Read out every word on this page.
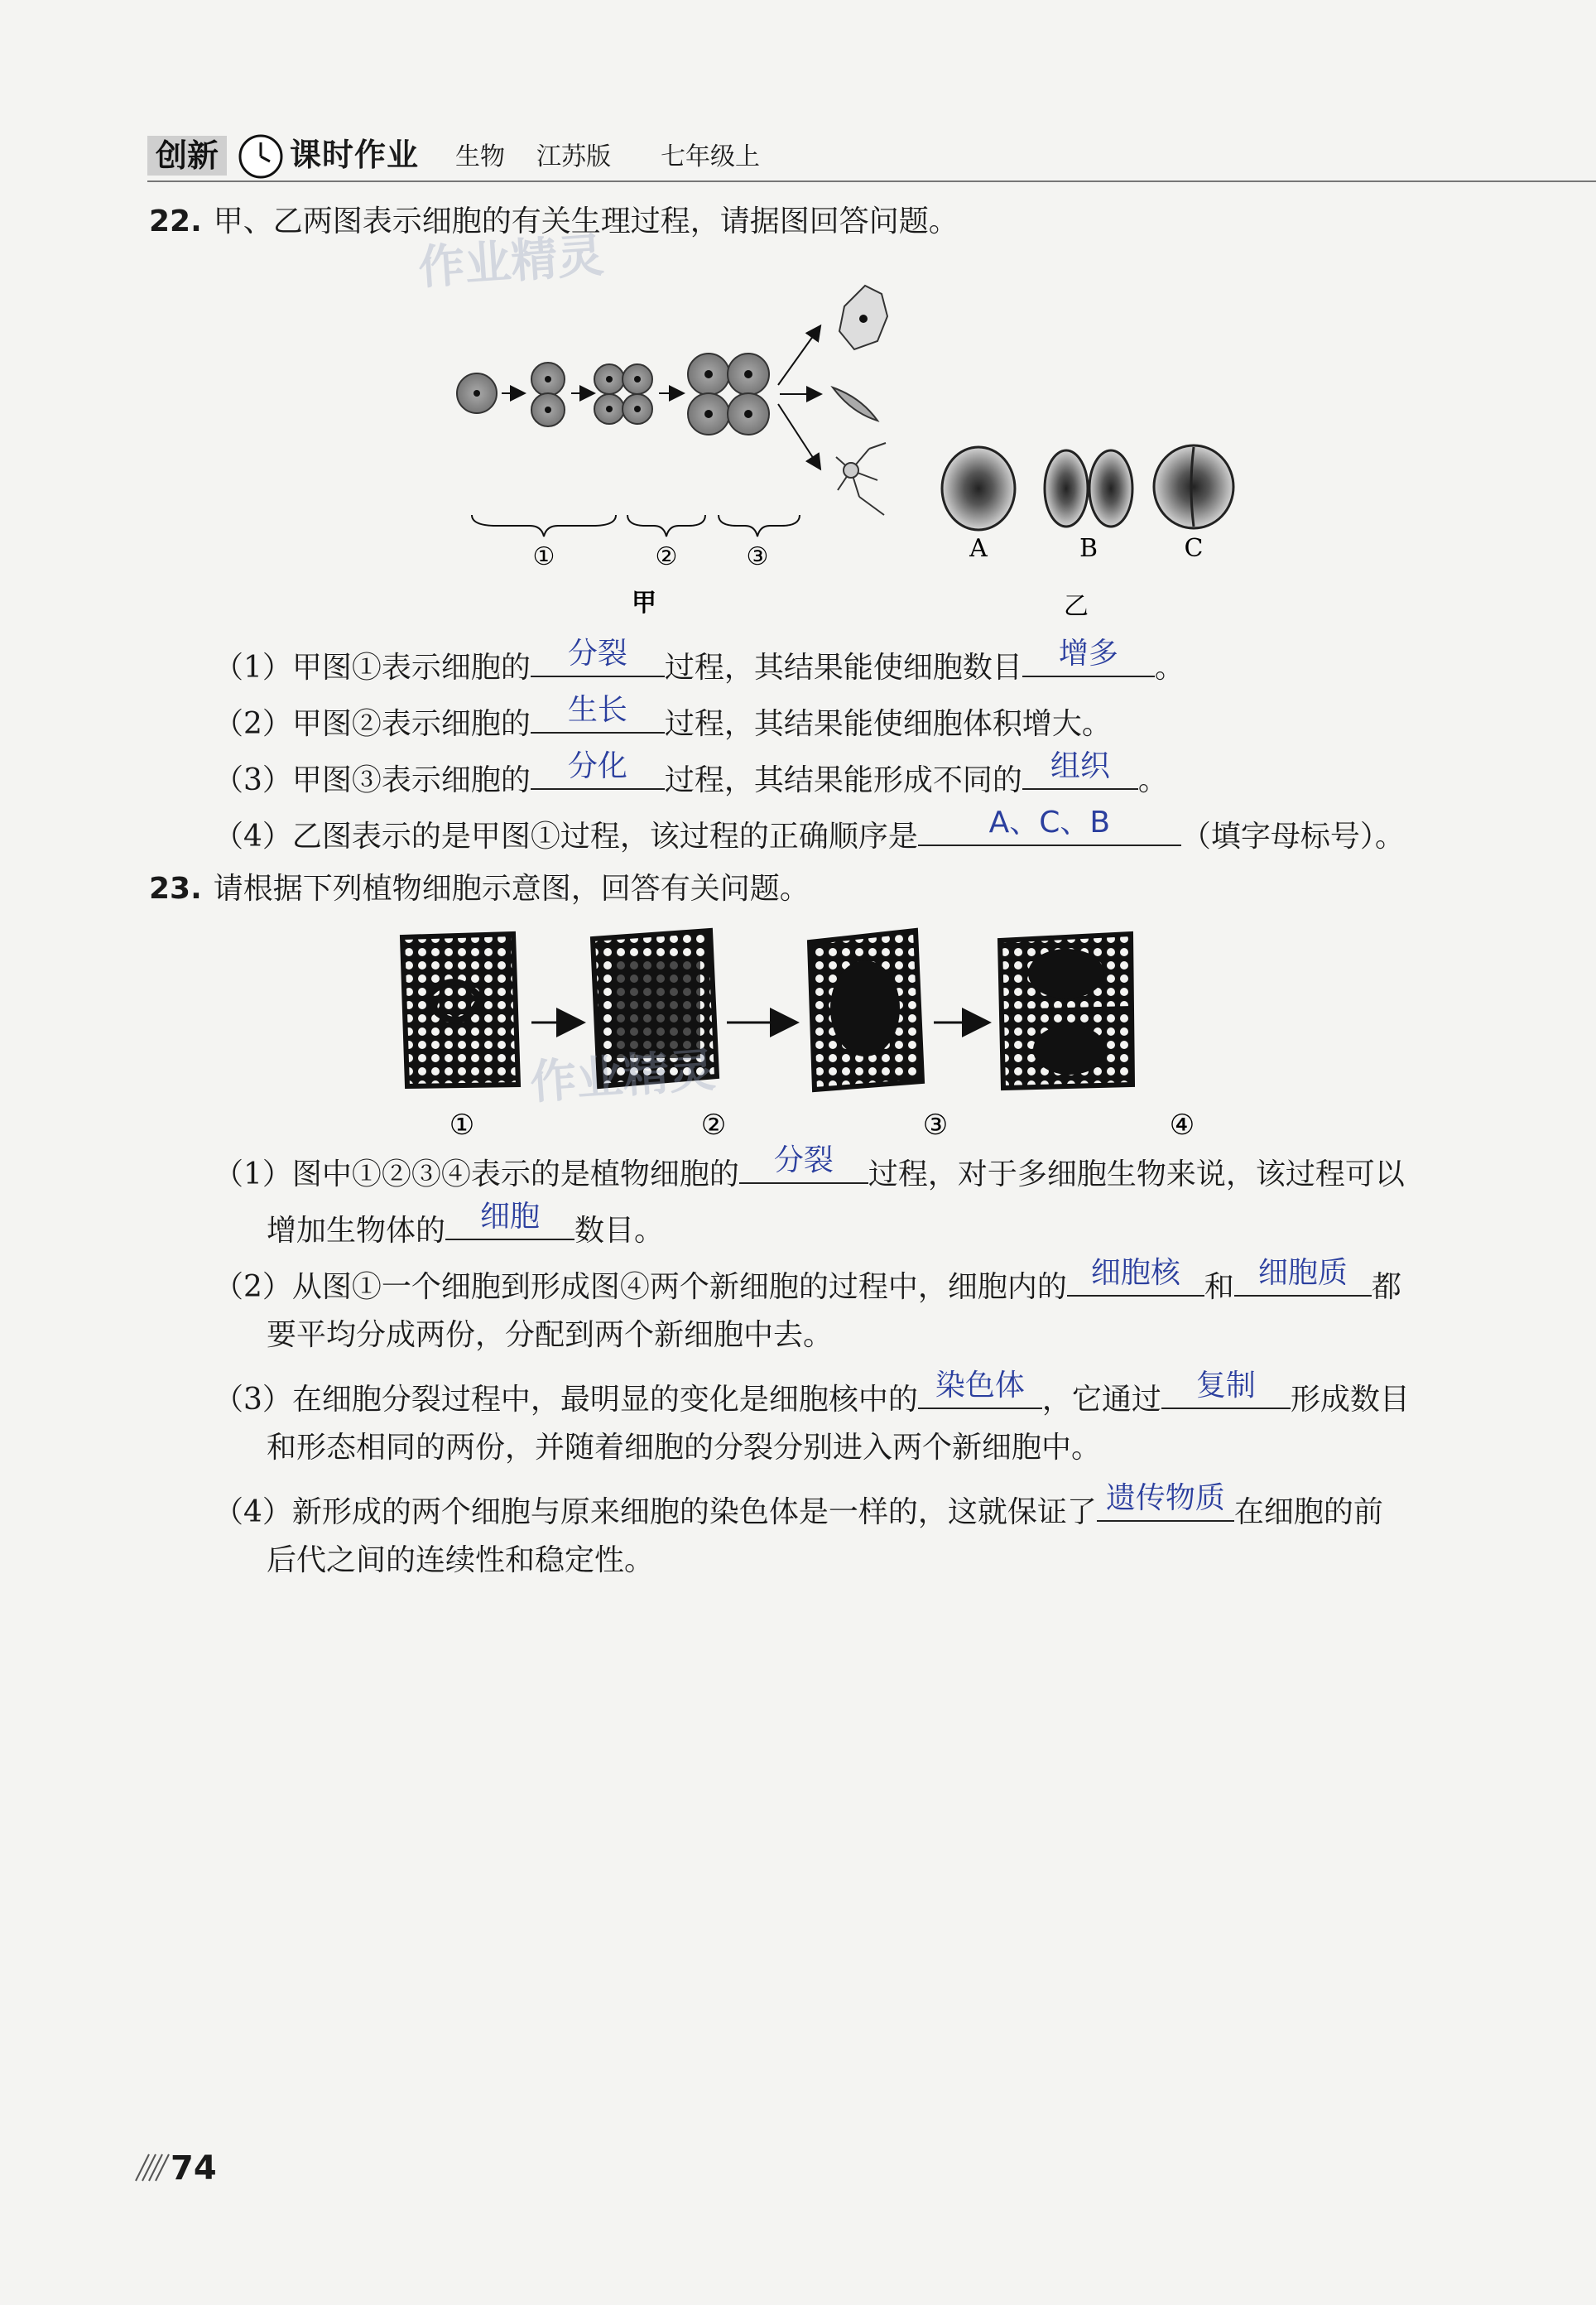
创新 课时作业 生物 江苏版 七年级上
22. 甲、乙两图表示细胞的有关生理过程，请据图回答问题。
作业精灵
①	②	③
甲
A	B	C
乙
（1）甲图①表示细胞的	分裂	过程，其结果能使细胞数目	增多	。
（2）甲图②表示细胞的	生长	过程，其结果能使细胞体积增大。
（3）甲图③表示细胞的	分化	过程，其结果能形成不同的 组织 。
（4）乙图表示的是甲图①过程，该过程的正确顺序是	A、C、B	（填字母标号）。
23. 请根据下列植物细胞示意图，回答有关问题。
①	②	③	④
作业精灵
（1）图中①②③④表示的是植物细胞的	分裂	过程，对于多细胞生物来说，该过程可以
增加生物体的	细胞	数目。
（2）从图①一个细胞到形成图④两个新细胞的过程中，细胞内的 细胞核 和 细胞质 都
要平均分成两份，分配到两个新细胞中去。
（3）在细胞分裂过程中，最明显的变化是细胞核中的 染色体 ，它通过	复制	形成数目
和形态相同的两份，并随着细胞的分裂分别进入两个新细胞中。
（4）新形成的两个细胞与原来细胞的染色体是一样的，这就保证了 遗传物质 在细胞的前
后代之间的连续性和稳定性。
74
